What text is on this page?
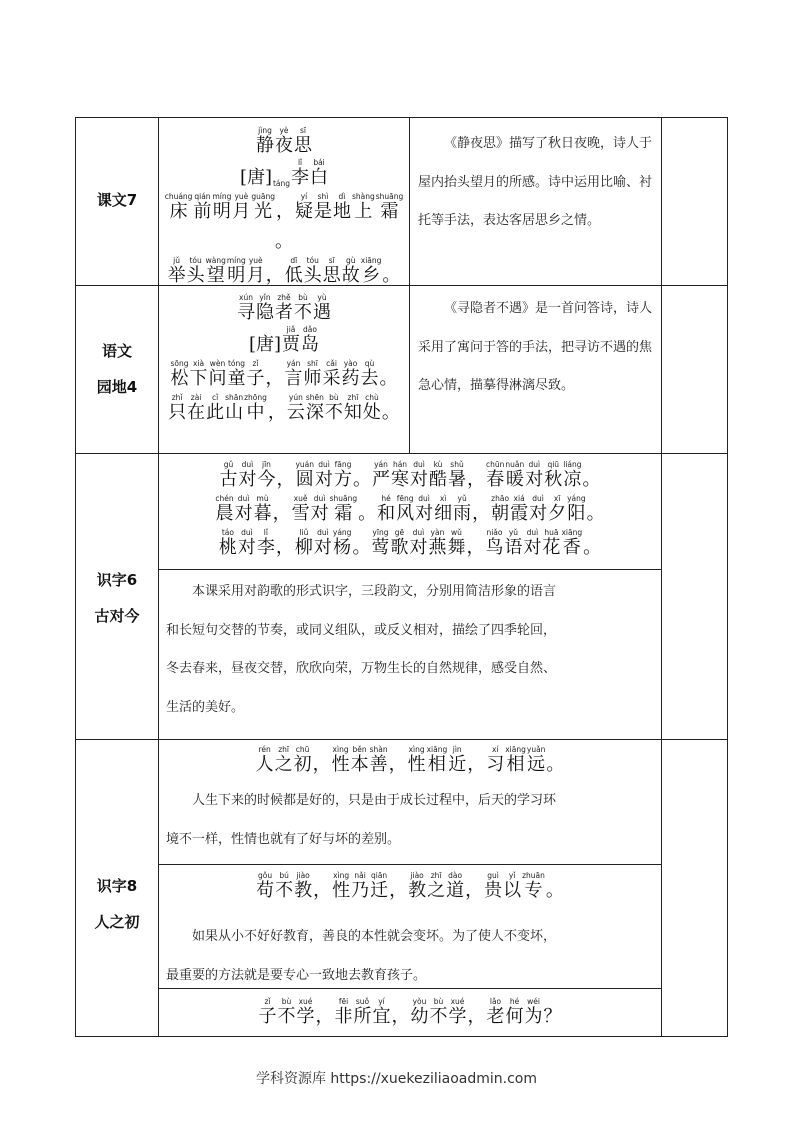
课文7
jìng
静
yè
夜
sī
思
[唐] táng
lǐ
李
bái
白
chuáng
床
qián
前
míng
明
yuè
月
guāng
光 ，
yí
疑
shì
是
dì
地
shàng
上
shuāng
霜
。
jǔ
举
tóu
头
wàng
望
míng
明
yuè
月 ，
dī
低
tóu
头
sī
思
gù
故
xiāng
乡 。
《静夜思》描写了秋日夜晚，诗人于屋内抬头望月的所感。诗中运用比喻、衬托等手法，表达客居思乡之情。
语文
园地4
xún
寻
yǐn
隐
zhě
者
bù
不
yù
遇
[唐]
jiǎ
贾
dǎo
岛
sōng
松
xià
下
wèn
问
tóng
童
zǐ
子 ，
yán
言
shī
师
cǎi
采
yào
药
qù
去 。
zhǐ
只
zài
在
cǐ
此
shān
山
zhōng
中 ，
yún
云
shēn
深
bù
不
zhī
知
chù
处 。
《寻隐者不遇》是一首问答诗，诗人采用了寓问于答的手法，把寻访不遇的焦急心情，描摹得淋漓尽致。
识字6
古对今
gǔ
古
duì
对
jīn
今 ，
yuán
圆
duì
对
fāng
方 。
yán
严
hán
寒
duì
对
kù
酷
shǔ
暑 ，
chūn
春
nuǎn
暖
duì
对
qiū
秋
liáng
凉 。
chén
晨
duì
对
mù
暮 ，
xuě
雪
duì
对
shuāng
霜 。
hé
和
fēng
风
duì
对
xì
细
yǔ
雨 ，
zhāo
朝
xiá
霞
duì
对
xī
夕
yáng
阳 。
táo
桃
duì
对
lǐ
李 ，
liǔ
柳
duì
对
yáng
杨 。
yīng
莺
gē
歌
duì
对
yàn
燕
wǔ
舞 ，
niǎo
鸟
yǔ
语
duì
对
huā
花
xiāng
香 。
本课采用对韵歌的形式识字，三段韵文，分别用简洁形象的语言
和长短句交替的节奏，或同义组队，或反义相对，描绘了四季轮回，
冬去春来，昼夜交替，欣欣向荣，万物生长的自然规律，感受自然、
生活的美好。
识字8
人之初
rén
人
zhī
之
chū
初 ，
xìng
性
běn
本
shàn
善 ，
xìng
性
xiāng
相
jìn
近 ，
xí
习
xiāng
相
yuǎn
远 。
人生下来的时候都是好的，只是由于成长过程中，后天的学习环
境不一样，性情也就有了好与坏的差别。
gǒu
苟
bú
不
jiào
教 ，
xìng
性
nǎi
乃
qiān
迁 ，
jiào
教
zhī
之
dào
道 ，
guì
贵
yǐ
以
zhuān
专 。
如果从小不好好教育，善良的本性就会变坏。为了使人不变坏，
最重要的方法就是要专心一致地去教育孩子。
zǐ
子
bù
不
xué
学 ，
fēi
非
suǒ
所
yí
宜 ，
yòu
幼
bù
不
xué
学 ，
lǎo
老
hé
何
wéi
为 ？
学科资源库 https://xuekeziliaoadmin.com
